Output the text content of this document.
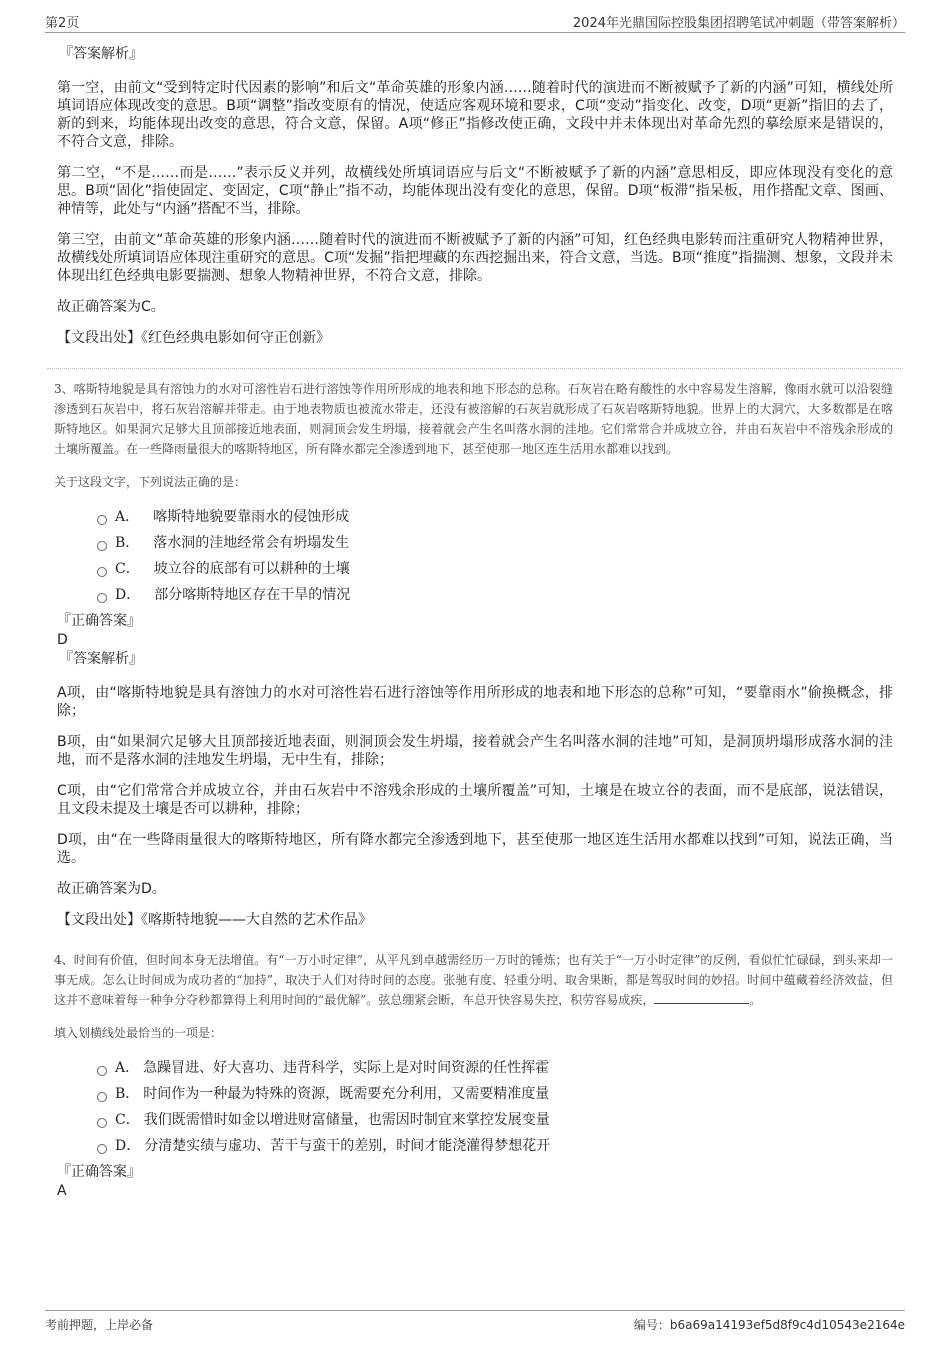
第2页	2024年光鼎国际控股集团招聘笔试冲刺题（带答案解析）
『答案解析』
第一空，由前文“受到特定时代因素的影响”和后文“革命英雄的形象内涵……随着时代的演进而不断被赋予了新的内涵”可知，横线处所填词语应体现改变的意思。B项“调整”指改变原有的情况，使适应客观环境和要求，C项“变动”指变化、改变，D项“更新”指旧的去了，新的到来，均能体现出改变的意思，符合文意，保留。A项“修正”指修改使正确，文段中并未体现出对革命先烈的摹绘原来是错误的，不符合文意，排除。
第二空，“不是……而是……”表示反义并列，故横线处所填词语应与后文“不断被赋予了新的内涵”意思相反，即应体现没有变化的意思。B项“固化”指使固定、变固定，C项“静止”指不动，均能体现出没有变化的意思，保留。D项“板滞”指呆板，用作搭配文章、图画、神情等，此处与“内涵”搭配不当，排除。
第三空，由前文“革命英雄的形象内涵……随着时代的演进而不断被赋予了新的内涵”可知，红色经典电影转而注重研究人物精神世界，故横线处所填词语应体现注重研究的意思。C项“发掘”指把埋藏的东西挖掘出来，符合文意，当选。B项“推度”指揣测、想象，文段并未体现出红色经典电影要揣测、想象人物精神世界，不符合文意，排除。
故正确答案为C。
【文段出处】《红色经典电影如何守正创新》
3、喀斯特地貌是具有溶蚀力的水对可溶性岩石进行溶蚀等作用所形成的地表和地下形态的总称。石灰岩在略有酸性的水中容易发生溶解，像雨水就可以沿裂缝渗透到石灰岩中，将石灰岩溶解并带走。由于地表物质也被流水带走，还没有被溶解的石灰岩就形成了石灰岩喀斯特地貌。世界上的大洞穴，大多数都是在喀斯特地区。如果洞穴足够大且顶部接近地表面，则洞顶会发生坍塌，接着就会产生名叫落水洞的洼地。它们常常合并成坡立谷，并由石灰岩中不溶残余形成的土壤所覆盖。在一些降雨量很大的喀斯特地区，所有降水都完全渗透到地下，甚至使那一地区连生活用水都难以找到。
关于这段文字，下列说法正确的是：
A． 喀斯特地貌要靠雨水的侵蚀形成
B． 落水洞的洼地经常会有坍塌发生
C． 坡立谷的底部有可以耕种的土壤
D． 部分喀斯特地区存在干旱的情况
『正确答案』
D
『答案解析』
A项，由“喀斯特地貌是具有溶蚀力的水对可溶性岩石进行溶蚀等作用所形成的地表和地下形态的总称”可知，“要靠雨水”偷换概念，排除；
B项，由“如果洞穴足够大且顶部接近地表面，则洞顶会发生坍塌，接着就会产生名叫落水洞的洼地”可知，是洞顶坍塌形成落水洞的洼地，而不是落水洞的洼地发生坍塌，无中生有，排除；
C项，由“它们常常合并成坡立谷，并由石灰岩中不溶残余形成的土壤所覆盖”可知，土壤是在坡立谷的表面，而不是底部，说法错误，且文段未提及土壤是否可以耕种，排除；
D项，由“在一些降雨量很大的喀斯特地区，所有降水都完全渗透到地下，甚至使那一地区连生活用水都难以找到”可知，说法正确，当选。
故正确答案为D。
【文段出处】《喀斯特地貌——大自然的艺术作品》
4、时间有价值，但时间本身无法增值。有“一万小时定律”，从平凡到卓越需经历一万时的锤炼；也有关于“一万小时定律”的反例，看似忙忙碌碌，到头来却一事无成。怎么让时间成为成功者的“加持”，取决于人们对待时间的态度。张驰有度、轻重分明、取舍果断，都是驾驭时间的妙招。时间中蕴藏着经济效益，但这并不意味着每一种争分夺秒都算得上利用时间的“最优解”。弦总绷紧会断，车总开快容易失控，积劳容易成疾，	。
填入划横线处最恰当的一项是：
A． 急躁冒进、好大喜功、违背科学，实际上是对时间资源的任性挥霍
B． 时间作为一种最为特殊的资源，既需要充分利用，又需要精准度量
C． 我们既需惜时如金以增进财富储量，也需因时制宜来掌控发展变量
D． 分清楚实绩与虚功、苦干与蛮干的差别，时间才能浇灌得梦想花开
『正确答案』
A
考前押题，上岸必备	编号：b6a69a14193ef5d8f9c4d10543e2164e
